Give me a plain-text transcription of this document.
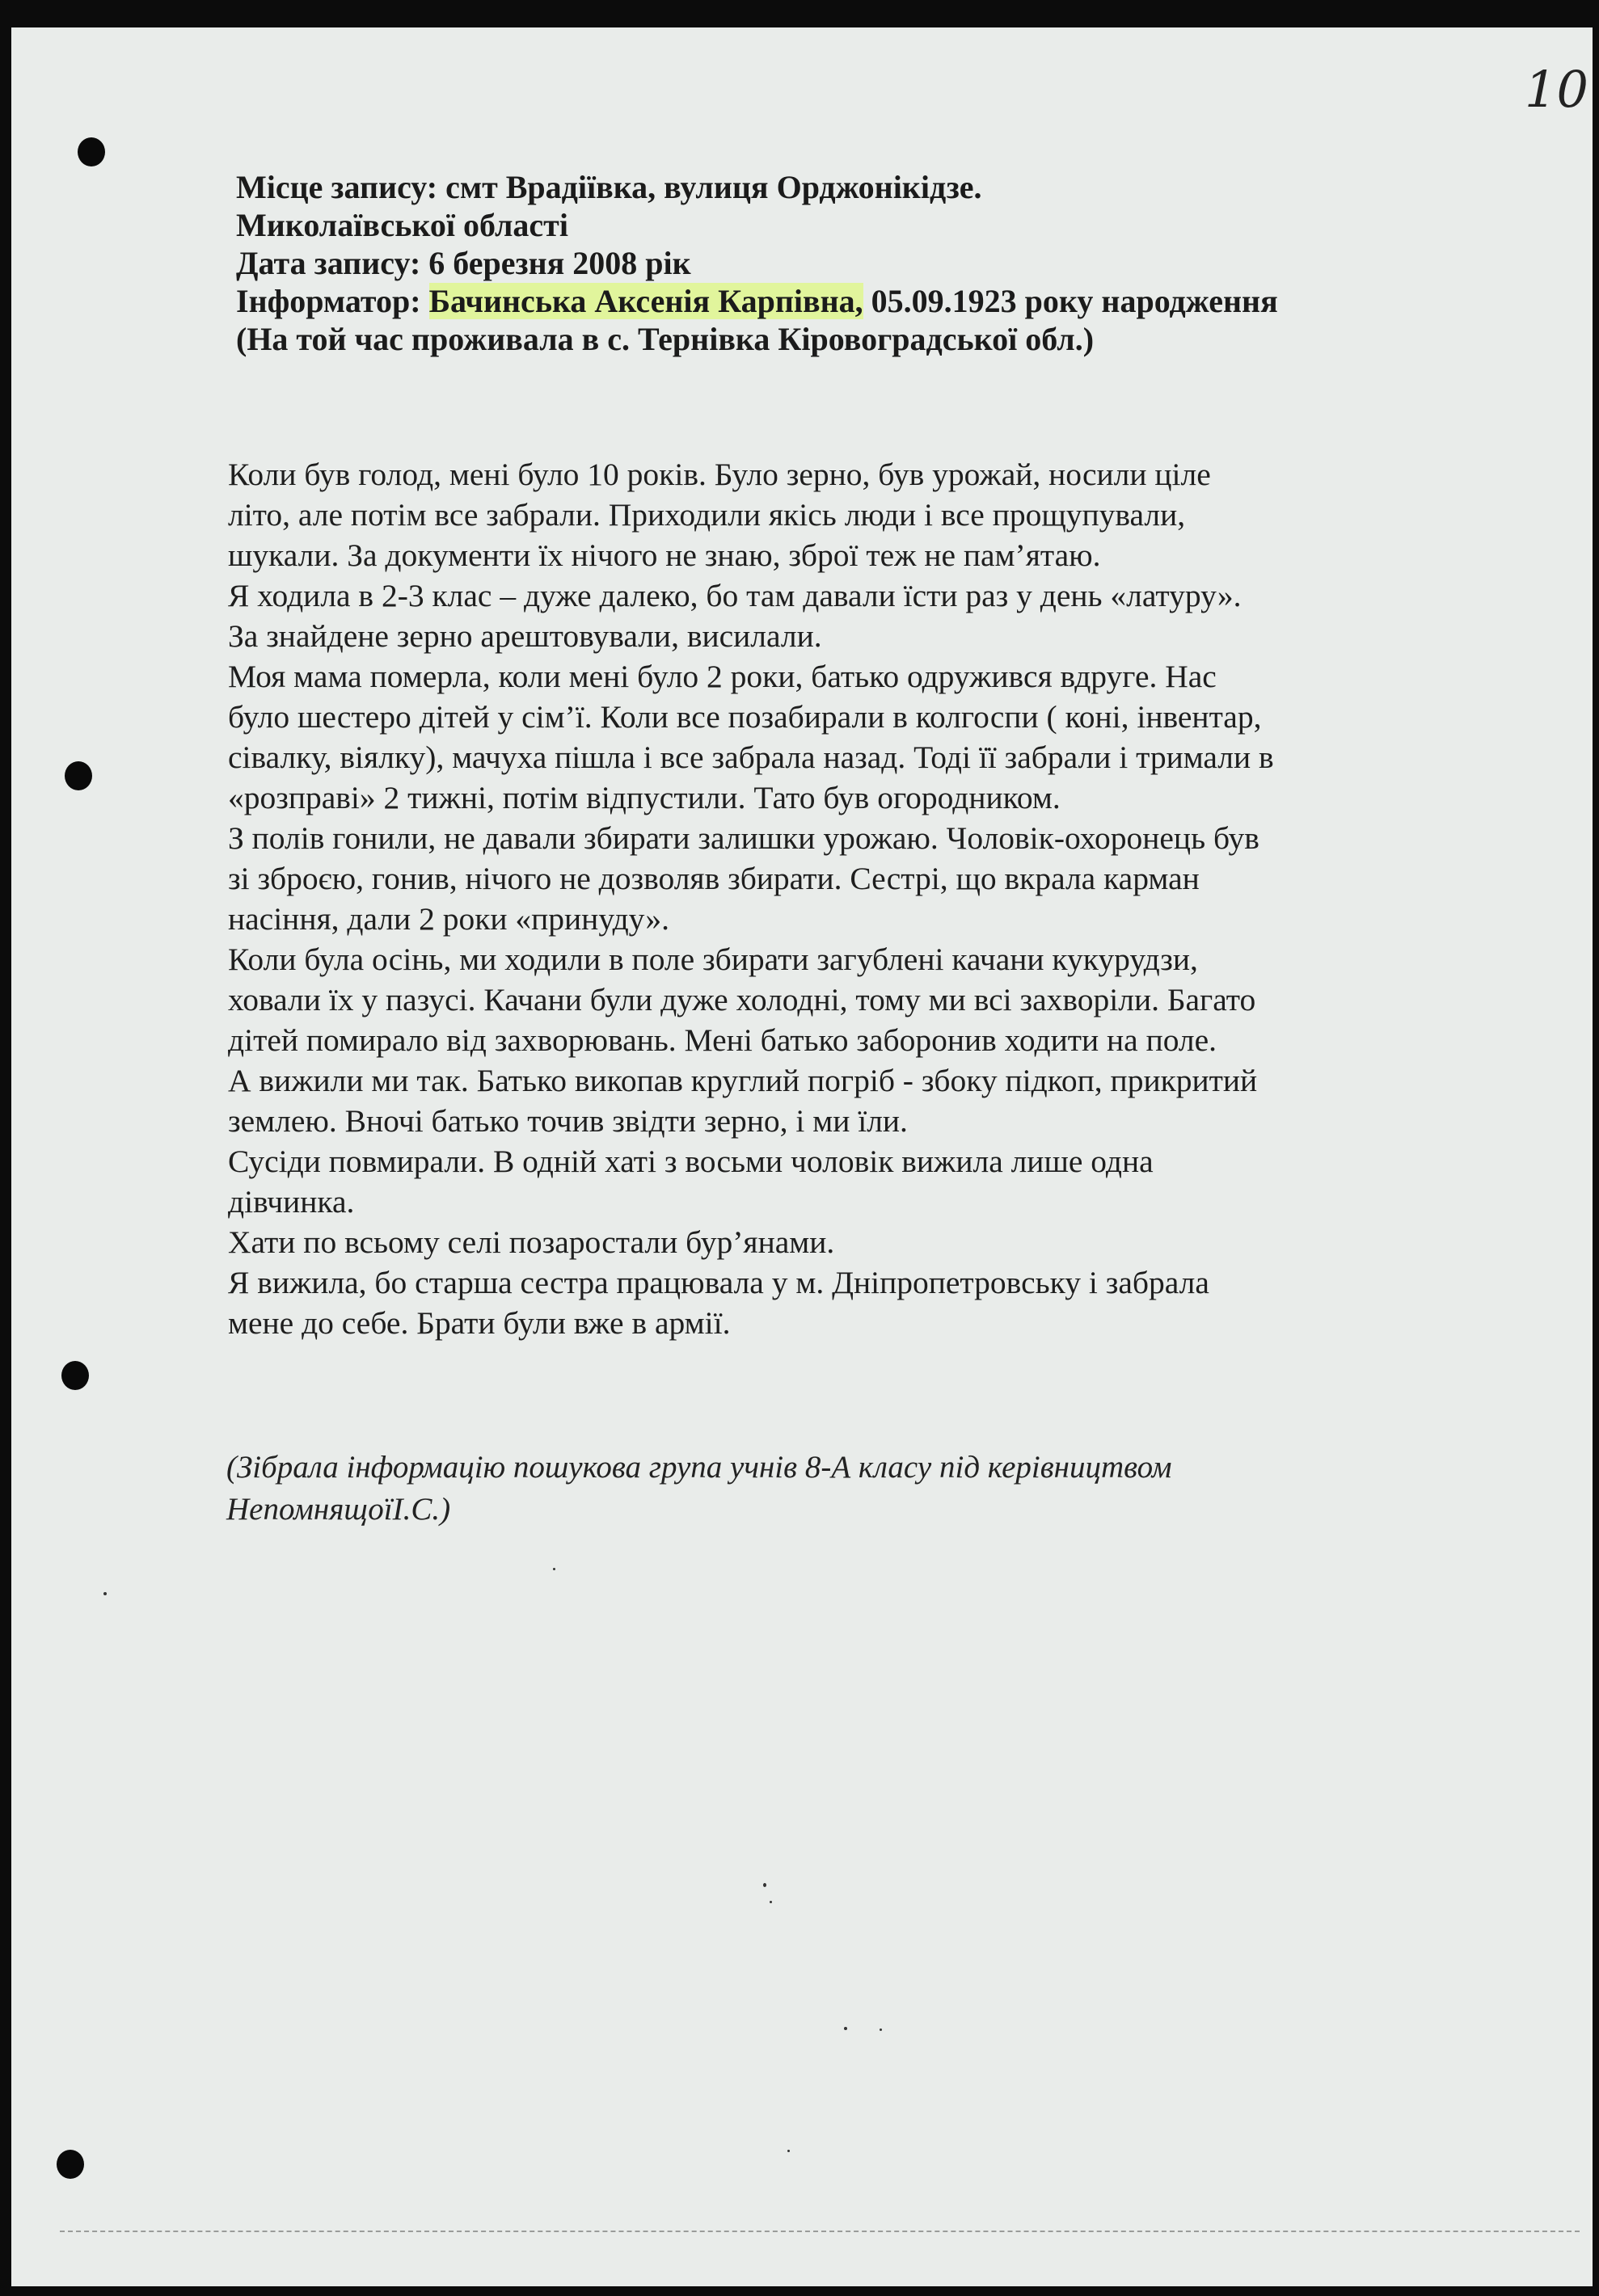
10
Місце запису: смт Врадіївка, вулиця Орджонікідзе.
Миколаївської області
Дата запису: 6 березня 2008 рік
Інформатор: Бачинська Аксенія Карпівна, 05.09.1923 року народження
(На той час проживала в с. Тернівка Кіровоградської обл.)
Коли був голод, мені було 10 років. Було зерно, був урожай, носили ціле
літо, але потім все забрали. Приходили якісь люди і все прощупували,
шукали. За документи їх нічого не знаю, зброї теж не пам’ятаю.
Я ходила в 2-3 клас – дуже далеко, бо там давали їсти раз у день «латуру».
За знайдене зерно арештовували, висилали.
Моя мама померла, коли мені було 2 роки, батько одружився вдруге. Нас
було шестеро дітей у сім’ї. Коли все позабирали в колгоспи ( коні, інвентар,
сівалку, віялку), мачуха пішла і все забрала назад. Тоді її забрали і тримали в
«розправі» 2 тижні, потім відпустили. Тато був огородником.
З полів гонили, не давали збирати залишки урожаю. Чоловік-охоронець був
зі зброєю, гонив, нічого не дозволяв збирати. Сестрі, що вкрала карман
насіння, дали 2 роки «принуду».
Коли була осінь, ми ходили в поле збирати загублені качани кукурудзи,
ховали їх у пазусі. Качани були дуже холодні, тому ми всі захворіли. Багато
дітей помирало від захворювань. Мені батько заборонив ходити на поле.
А вижили ми так. Батько викопав круглий погріб - збоку підкоп, прикритий
землею. Вночі батько точив звідти зерно, і ми їли.
Сусіди повмирали. В одній хаті з восьми чоловік вижила лише одна
дівчинка.
Хати по всьому селі позаростали бур’янами.
Я вижила, бо старша сестра працювала у м. Дніпропетровську і забрала
мене до себе. Брати були вже в армії.
(Зібрала інформацію пошукова група учнів 8-А класу під керівництвом
НепомнящоїІ.С.)
